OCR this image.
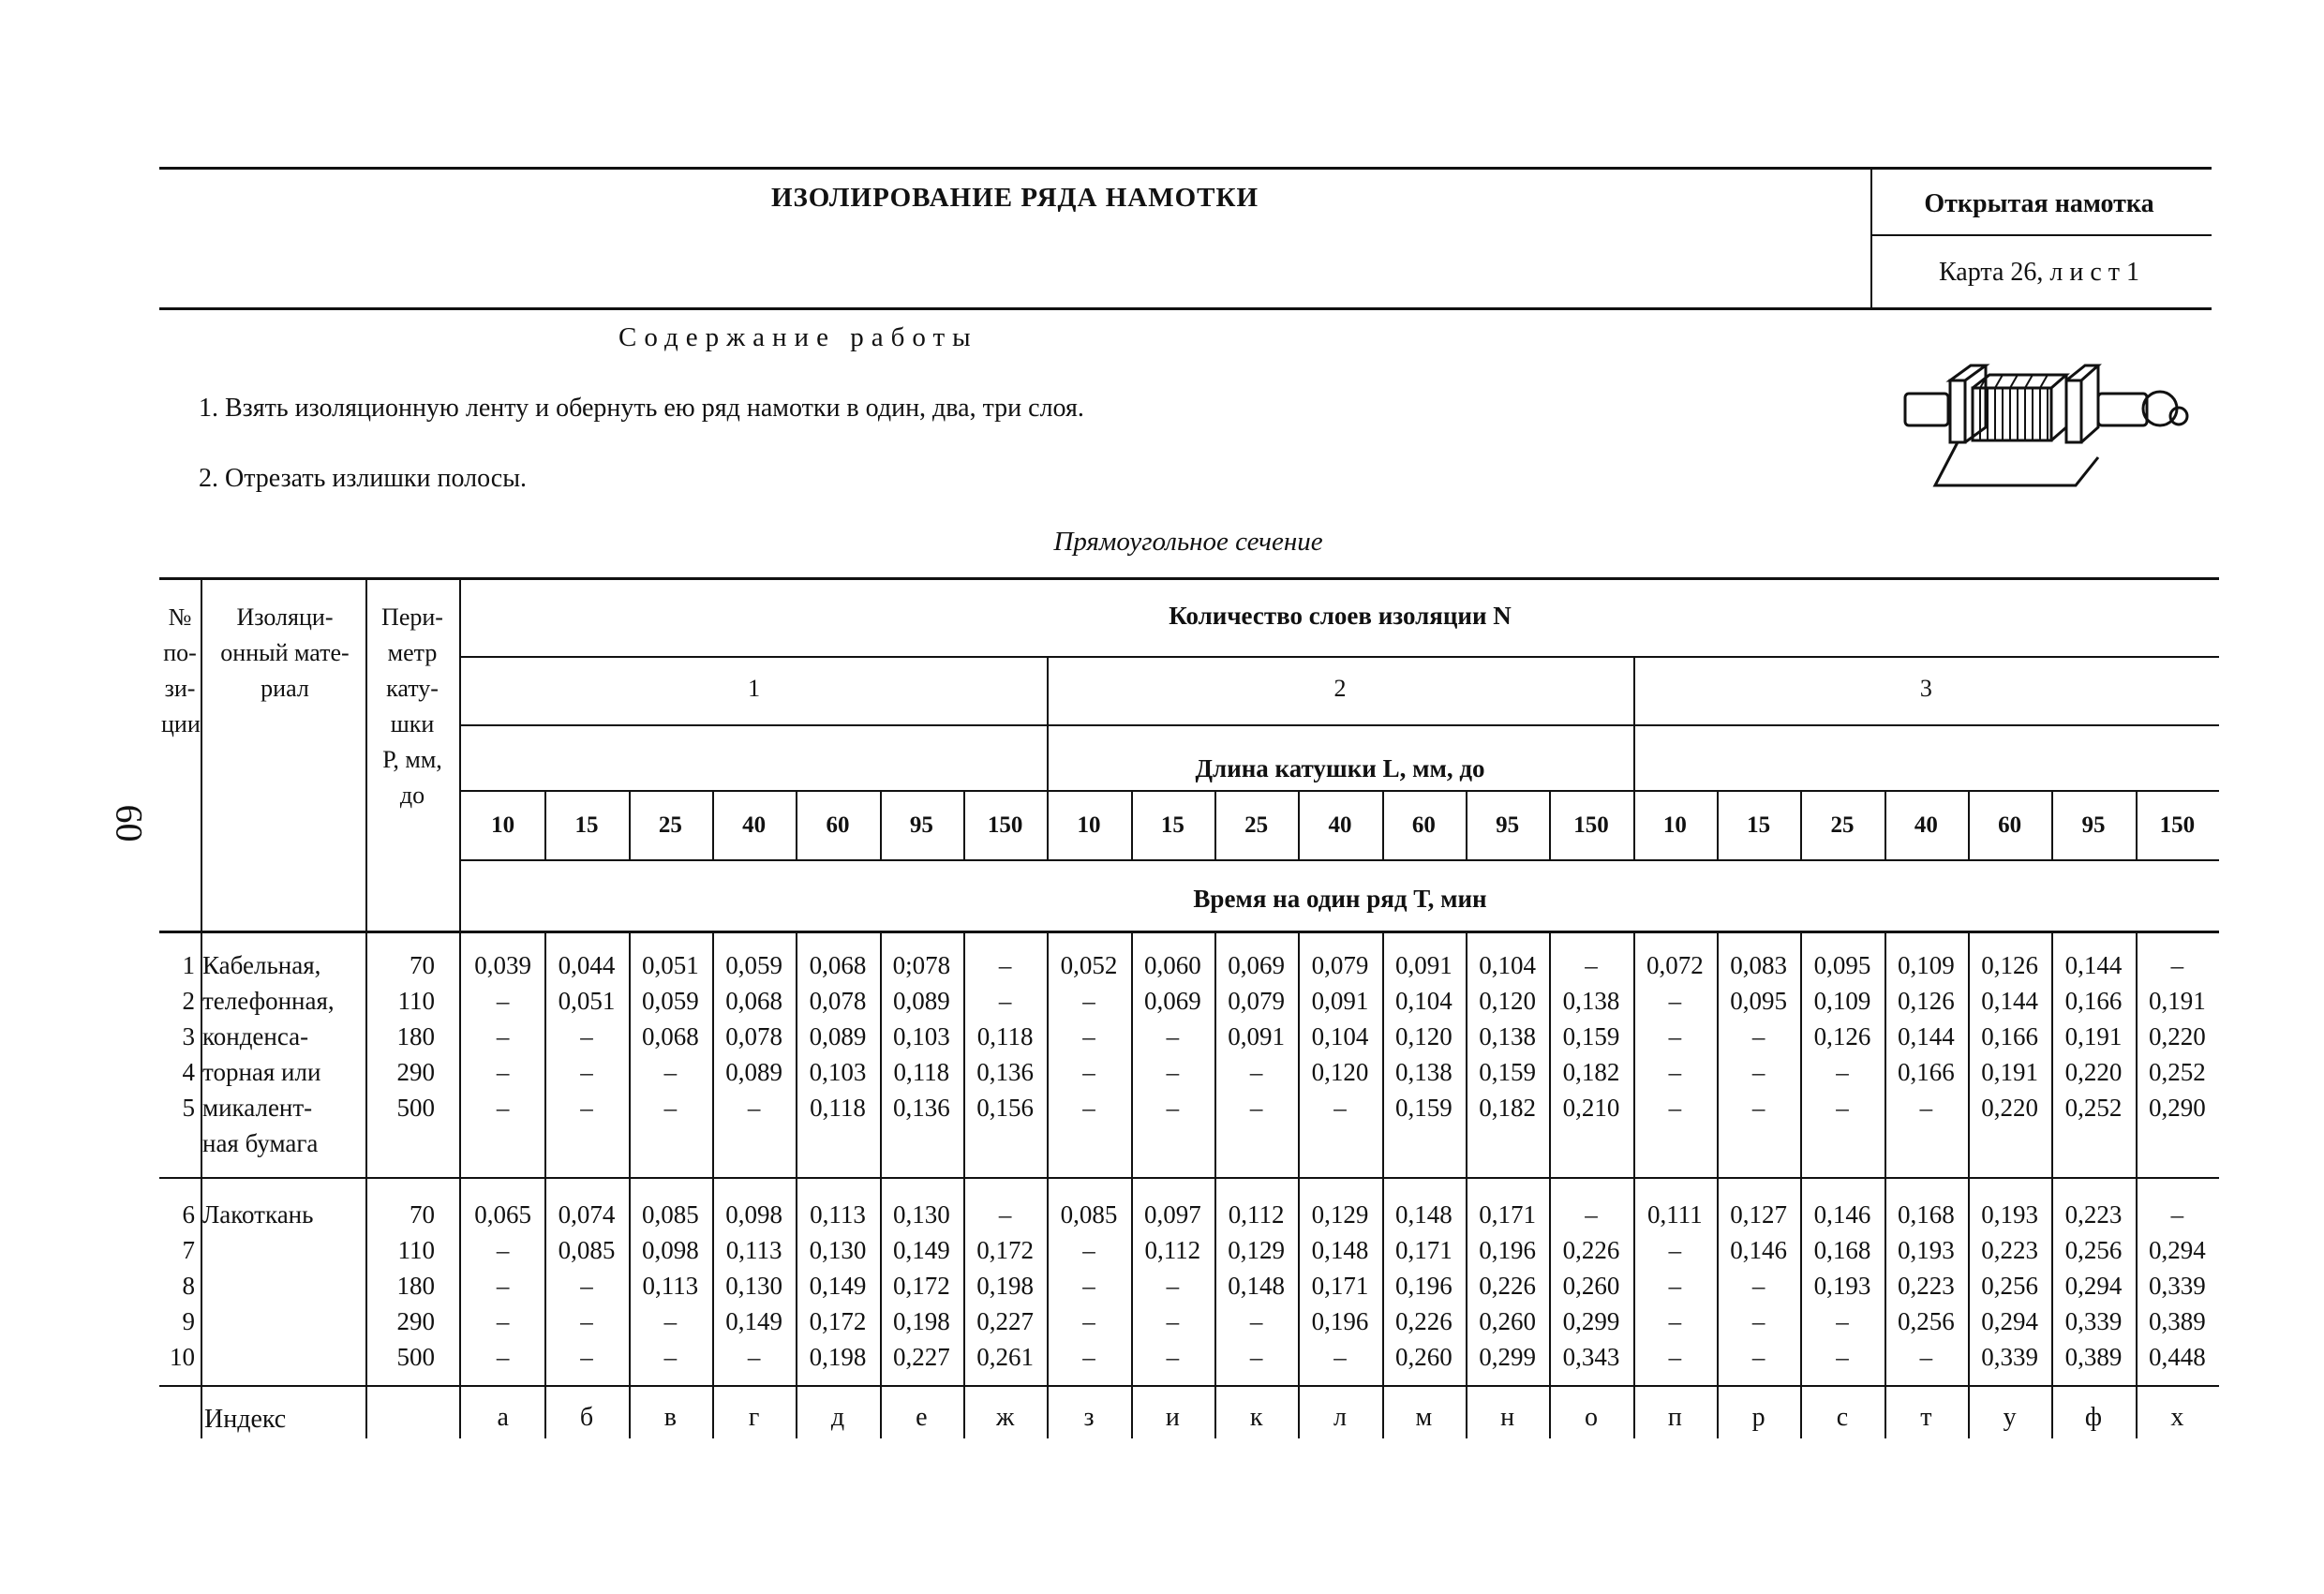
ИЗОЛИРОВАНИЕ РЯДА НАМОТКИ	Открытая намотка
Карта 26, л и с т 1
Содержание работы
1. Взять изоляционную ленту и обернуть ею ряд намотки в один, два, три слоя.
2. Отрезать излишки полосы.
Прямоугольное сечение
60
№
по-
зи-
ции
Изоляци-
онный мате-
риал
Пери-
метр
кату-
шки
Р, мм,
до
Количество слоев изоляции N
Длина катушки L, мм, до
Время на один ряд Т, мин
Индекс
1	2	3
10	15	25	40	60	95	150	10	15	25	40	60	95	150	10	15	25	40	60	95	150
Кабельная,
телефонная,
конденса-
торная или
микалент-
ная бумага
1	70	0,039	0,044	0,051	0,059	0,068	0;078	–	0,052	0,060	0,069	0,079	0,091	0,104	–	0,072	0,083	0,095	0,109	0,126	0,144	–
2	110	–	0,051	0,059	0,068	0,078	0,089	–	–	0,069	0,079	0,091	0,104	0,120	0,138	–	0,095	0,109	0,126	0,144	0,166	0,191
3	180	–	–	0,068	0,078	0,089	0,103	0,118	–	–	0,091	0,104	0,120	0,138	0,159	–	–	0,126	0,144	0,166	0,191	0,220
4	290	–	–	–	0,089	0,103	0,118	0,136	–	–	–	0,120	0,138	0,159	0,182	–	–	–	0,166	0,191	0,220	0,252
5	500	–	–	–	–	0,118	0,136	0,156	–	–	–	–	0,159	0,182	0,210	–	–	–	–	0,220	0,252	0,290
Лакоткань
6	70	0,065	0,074	0,085	0,098	0,113	0,130	–	0,085	0,097	0,112	0,129	0,148	0,171	–	0,111	0,127	0,146	0,168	0,193	0,223	–
7	110	–	0,085	0,098	0,113	0,130	0,149	0,172	–	0,112	0,129	0,148	0,171	0,196	0,226	–	0,146	0,168	0,193	0,223	0,256	0,294
8	180	–	–	0,113	0,130	0,149	0,172	0,198	–	–	0,148	0,171	0,196	0,226	0,260	–	–	0,193	0,223	0,256	0,294	0,339
9	290	–	–	–	0,149	0,172	0,198	0,227	–	–	–	0,196	0,226	0,260	0,299	–	–	–	0,256	0,294	0,339	0,389
10	500	–	–	–	–	0,198	0,227	0,261	–	–	–	–	0,260	0,299	0,343	–	–	–	–	0,339	0,389	0,448
а	б	в	г	д	е	ж	з	и	к	л	м	н	о	п	р	с	т	у	ф	х
